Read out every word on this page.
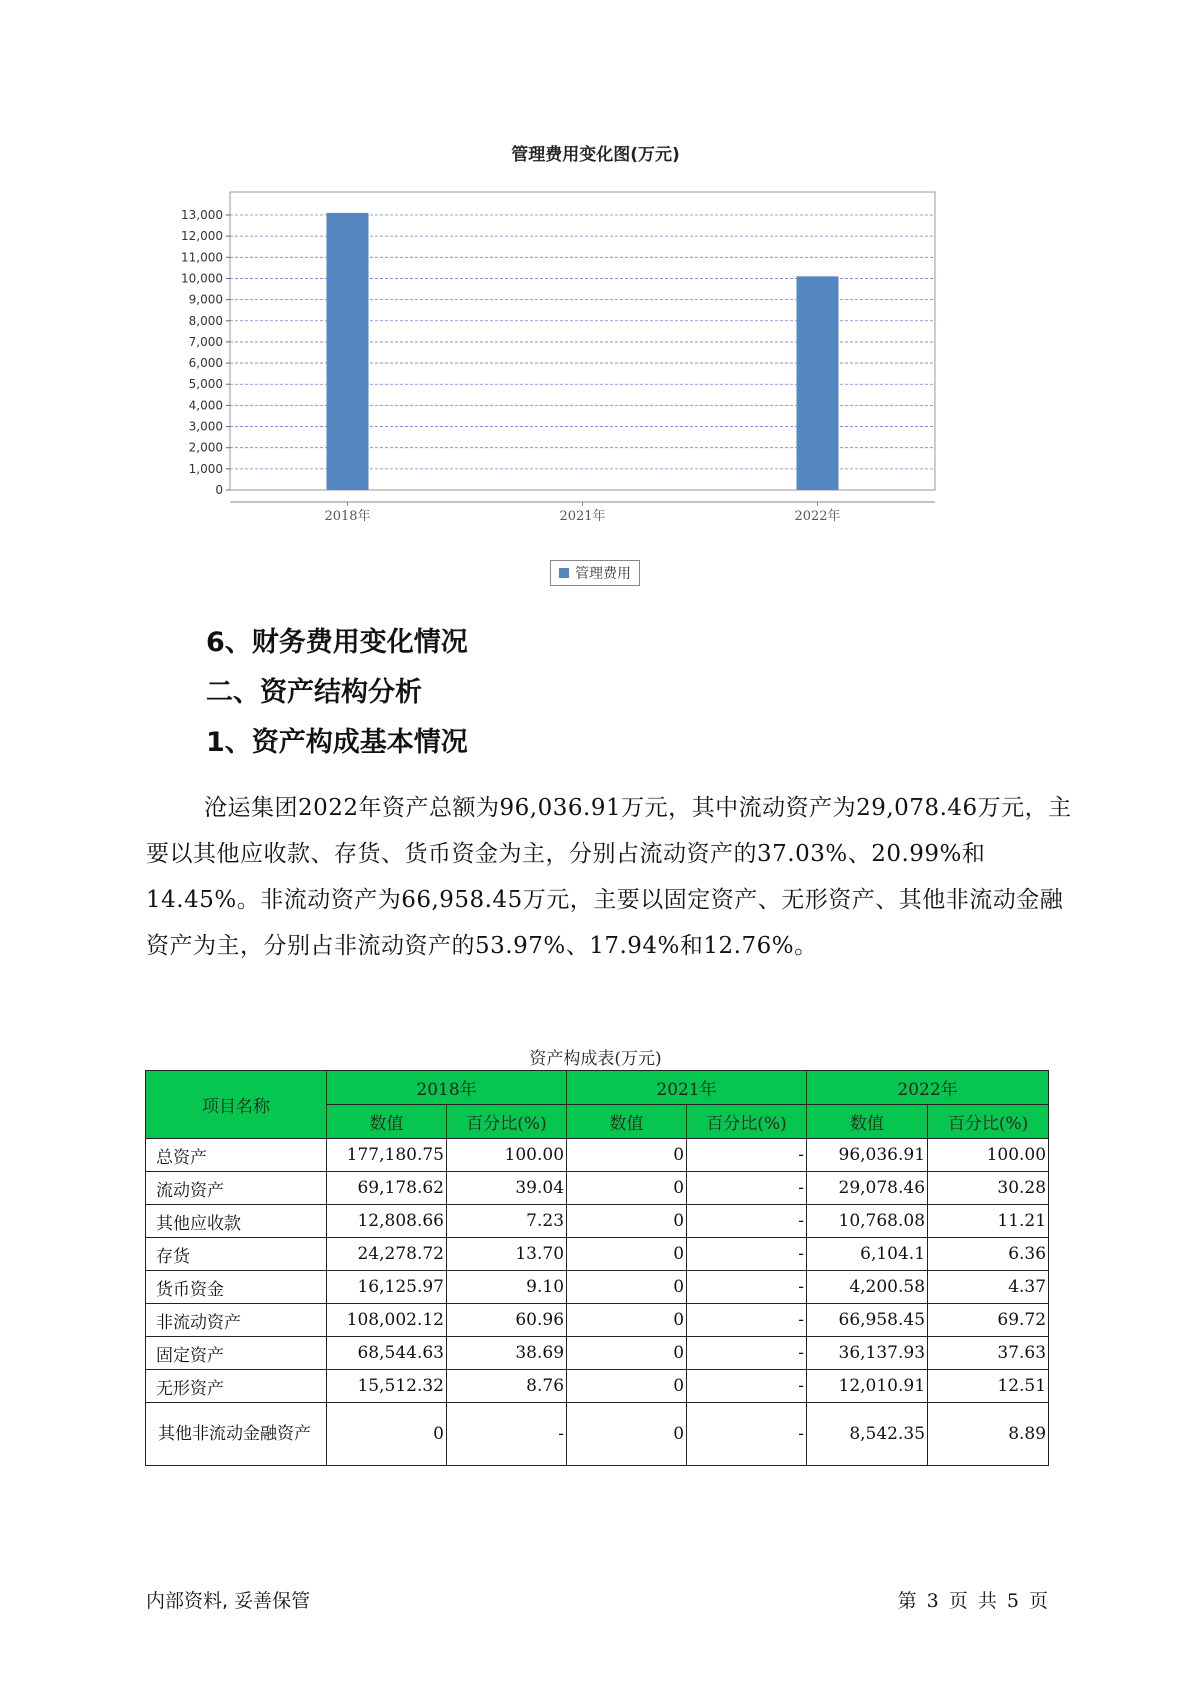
管理费用变化图(万元)
0
1,000
2,000
3,000
4,000
5,000
6,000
7,000
8,000
9,000
10,000
11,000
12,000
13,000
2018年	2021年	2022年
管理费用
6、财务费用变化情况
二、资产结构分析
1、资产构成基本情况

沧运集团2022年资产总额为96,036.91万元，其中流动资产为29,078.46万元，主要以其他应收款、存货、货币资金为主，分别占流动资产的37.03%、20.99%和14.45%。非流动资产为66,958.45万元，主要以固定资产、无形资产、其他非流动金融资产为主，分别占非流动资产的53.97%、17.94%和12.76%。

资产构成表(万元)
项目名称	2018年		2021年		2022年	
	数值	百分比(%)	数值	百分比(%)	数值	百分比(%)
总资产	177,180.75	100.00	0	-	96,036.91	100.00
流动资产	69,178.62	39.04	0	-	29,078.46	30.28
其他应收款	12,808.66	7.23	0	-	10,768.08	11.21
存货	24,278.72	13.70	0	-	6,104.1	6.36
货币资金	16,125.97	9.10	0	-	4,200.58	4.37
非流动资产	108,002.12	60.96	0	-	66,958.45	69.72
固定资产	68,544.63	38.69	0	-	36,137.93	37.63
无形资产	15,512.32	8.76	0	-	12,010.91	12.51
其他非流动金融资产	0	-	0	-	8,542.35	8.89
内部资料, 妥善保管	第 3 页 共 5 页
